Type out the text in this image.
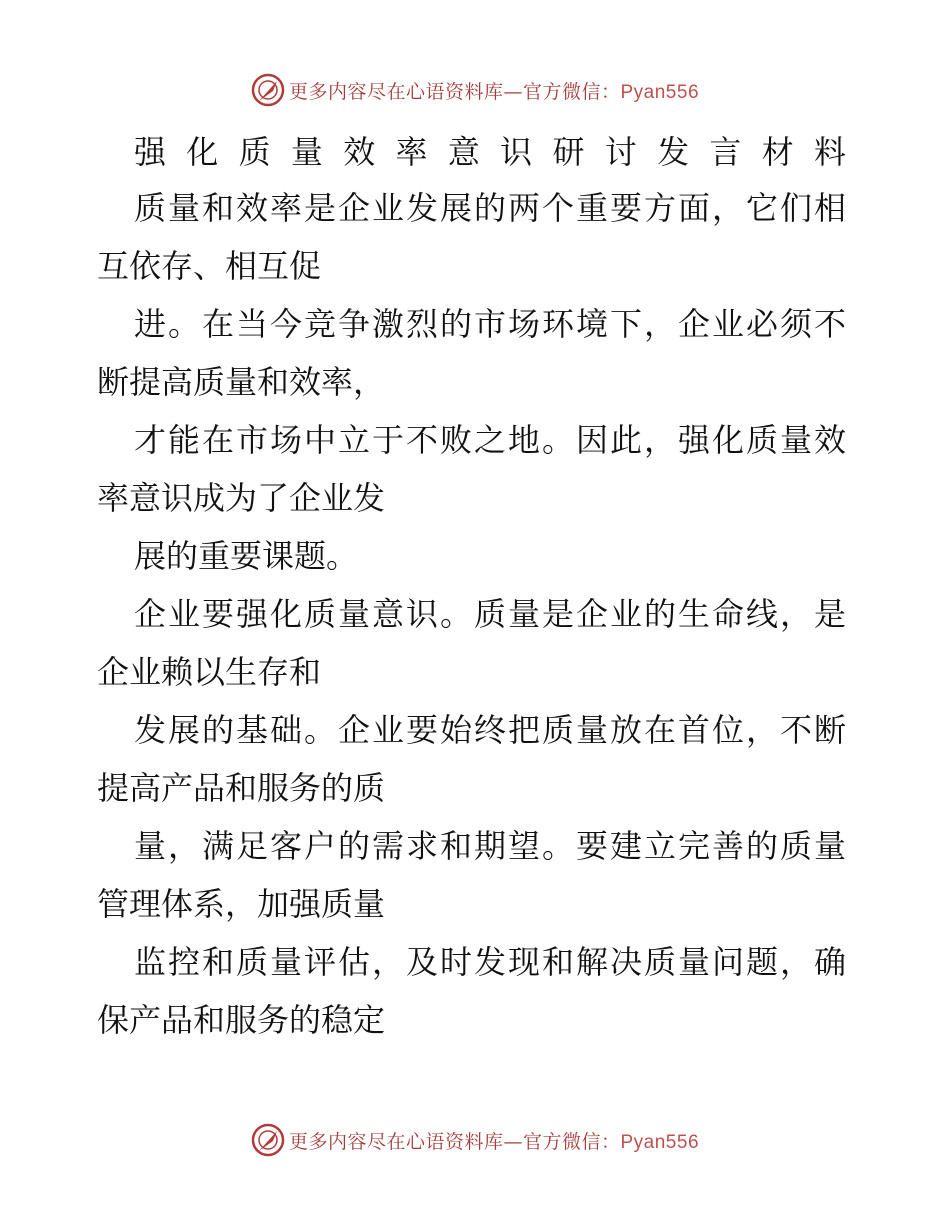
更多内容尽在心语资料库—官方微信：Pyan556
强 化 质 量 效 率 意 识 研 讨 发 言 材 料
质量和效率是企业发展的两个重要方面，它们相
互依存、相互促
进。在当今竞争激烈的市场环境下，企业必须不
断提高质量和效率，
才能在市场中立于不败之地。因此，强化质量效
率意识成为了企业发
展的重要课题。
企业要强化质量意识。质量是企业的生命线，是
企业赖以生存和
发展的基础。企业要始终把质量放在首位，不断
提高产品和服务的质
量，满足客户的需求和期望。要建立完善的质量
管理体系，加强质量
监控和质量评估，及时发现和解决质量问题，确
保产品和服务的稳定
更多内容尽在心语资料库—官方微信：Pyan556
